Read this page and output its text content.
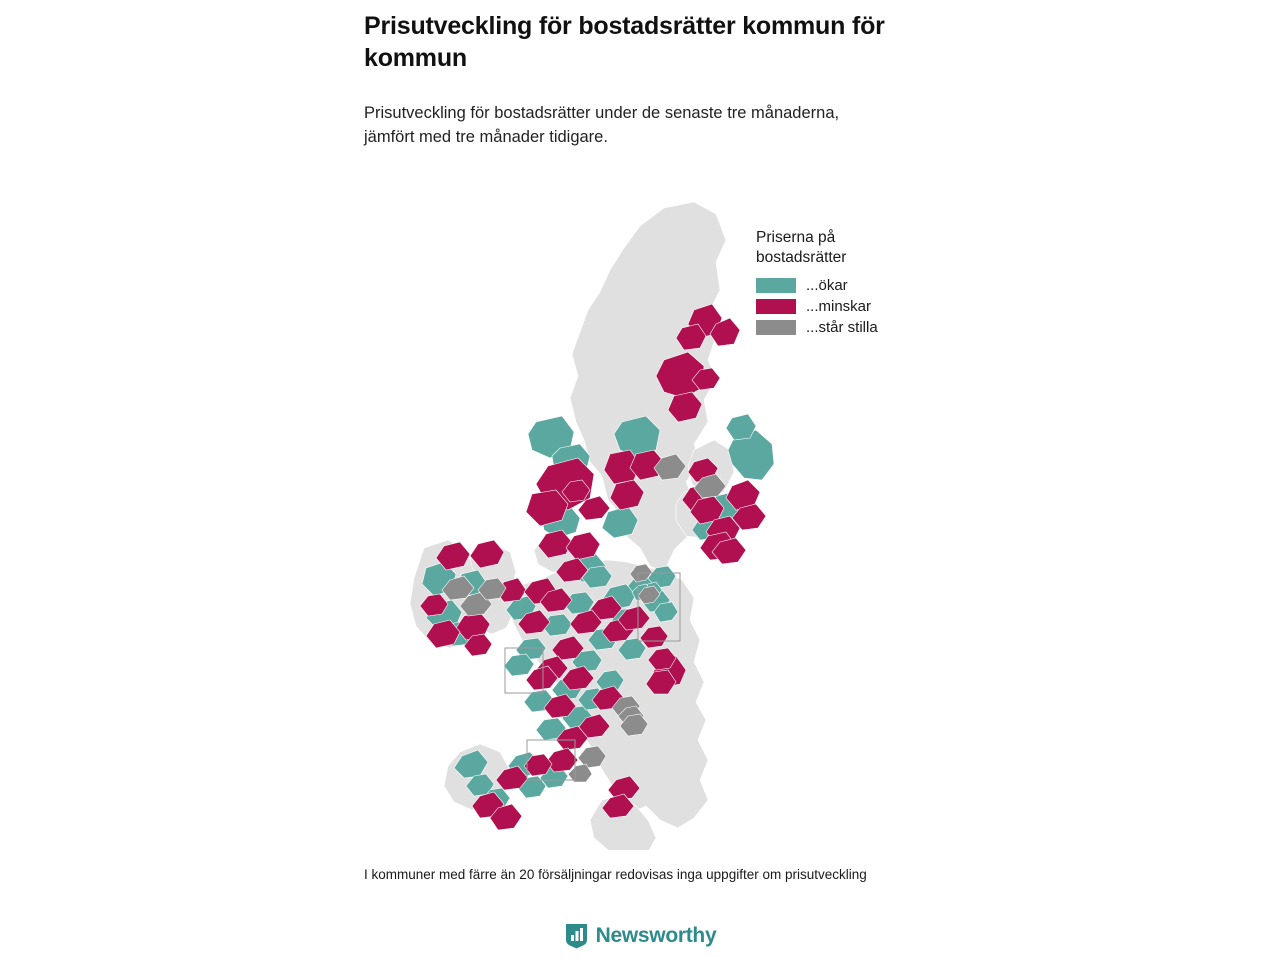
Prisutveckling för bostadsrätter kommun för kommun

Prisutveckling för bostadsrätter under de senaste tre månaderna, jämfört med tre månader tidigare.

Priserna på
bostadsrätter
...ökar
...minskar
...står stilla
I kommuner med färre än 20 försäljningar redovisas inga uppgifter om prisutveckling
Newsworthy
